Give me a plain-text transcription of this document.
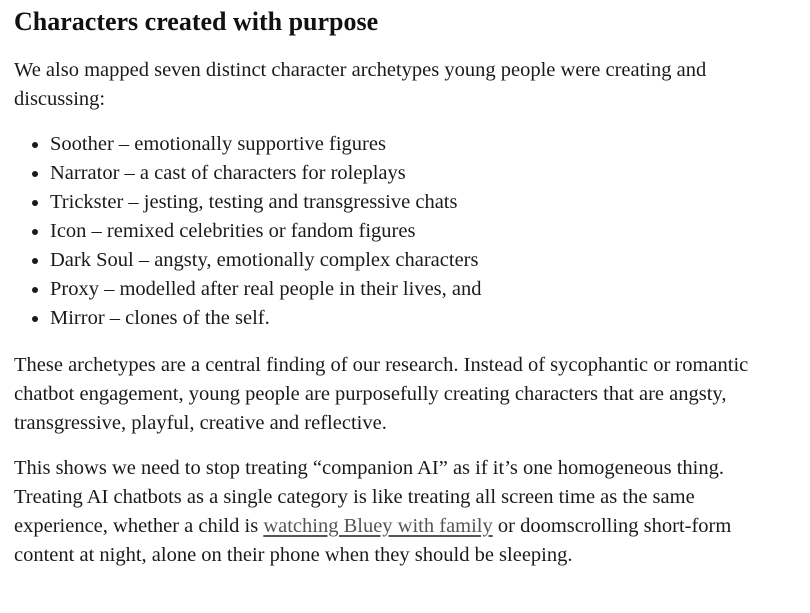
Characters created with purpose

We also mapped seven distinct character archetypes young people were creating and discussing:

• Soother – emotionally supportive figures
• Narrator – a cast of characters for roleplays
• Trickster – jesting, testing and transgressive chats
• Icon – remixed celebrities or fandom figures
• Dark Soul – angsty, emotionally complex characters
• Proxy – modelled after real people in their lives, and
• Mirror – clones of the self.

These archetypes are a central finding of our research. Instead of sycophantic or romantic chatbot engagement, young people are purposefully creating characters that are angsty, transgressive, playful, creative and reflective.

This shows we need to stop treating “companion AI” as if it’s one homogeneous thing. Treating AI chatbots as a single category is like treating all screen time as the same experience, whether a child is watching Bluey with family or doomscrolling short-form content at night, alone on their phone when they should be sleeping.
